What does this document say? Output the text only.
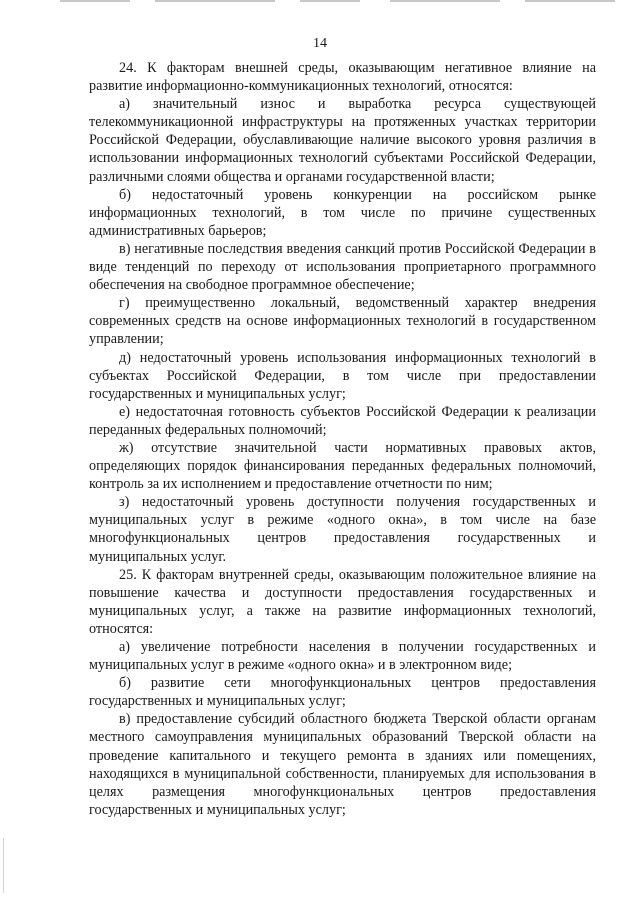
14

24. К факторам внешней среды, оказывающим негативное влияние на развитие информационно-коммуникационных технологий, относятся:

а) значительный износ и выработка ресурса существующей телекоммуникационной инфраструктуры на протяженных участках территории Российской Федерации, обуславливающие наличие высокого уровня различия в использовании информационных технологий субъектами Российской Федерации, различными слоями общества и органами государственной власти;

б) недостаточный уровень конкуренции на российском рынке информационных технологий, в том числе по причине существенных административных барьеров;

в) негативные последствия введения санкций против Российской Федерации в виде тенденций по переходу от использования проприетарного программного обеспечения на свободное программное обеспечение;

г) преимущественно локальный, ведомственный характер внедрения современных средств на основе информационных технологий в государственном управлении;

д) недостаточный уровень использования информационных технологий в субъектах Российской Федерации, в том числе при предоставлении государственных и муниципальных услуг;

е) недостаточная готовность субъектов Российской Федерации к реализации переданных федеральных полномочий;

ж) отсутствие значительной части нормативных правовых актов, определяющих порядок финансирования переданных федеральных полномочий, контроль за их исполнением и предоставление отчетности по ним;

з) недостаточный уровень доступности получения государственных и муниципальных услуг в режиме «одного окна», в том числе на базе многофункциональных центров предоставления государственных и муниципальных услуг.

25. К факторам внутренней среды, оказывающим положительное влияние на повышение качества и доступности предоставления государственных и муниципальных услуг, а также на развитие информационных технологий, относятся:

а) увеличение потребности населения в получении государственных и муниципальных услуг в режиме «одного окна» и в электронном виде;

б) развитие сети многофункциональных центров предоставления государственных и муниципальных услуг;

в) предоставление субсидий областного бюджета Тверской области органам местного самоуправления муниципальных образований Тверской области на проведение капитального и текущего ремонта в зданиях или помещениях, находящихся в муниципальной собственности, планируемых для использования в целях размещения многофункциональных центров предоставления государственных и муниципальных услуг;
